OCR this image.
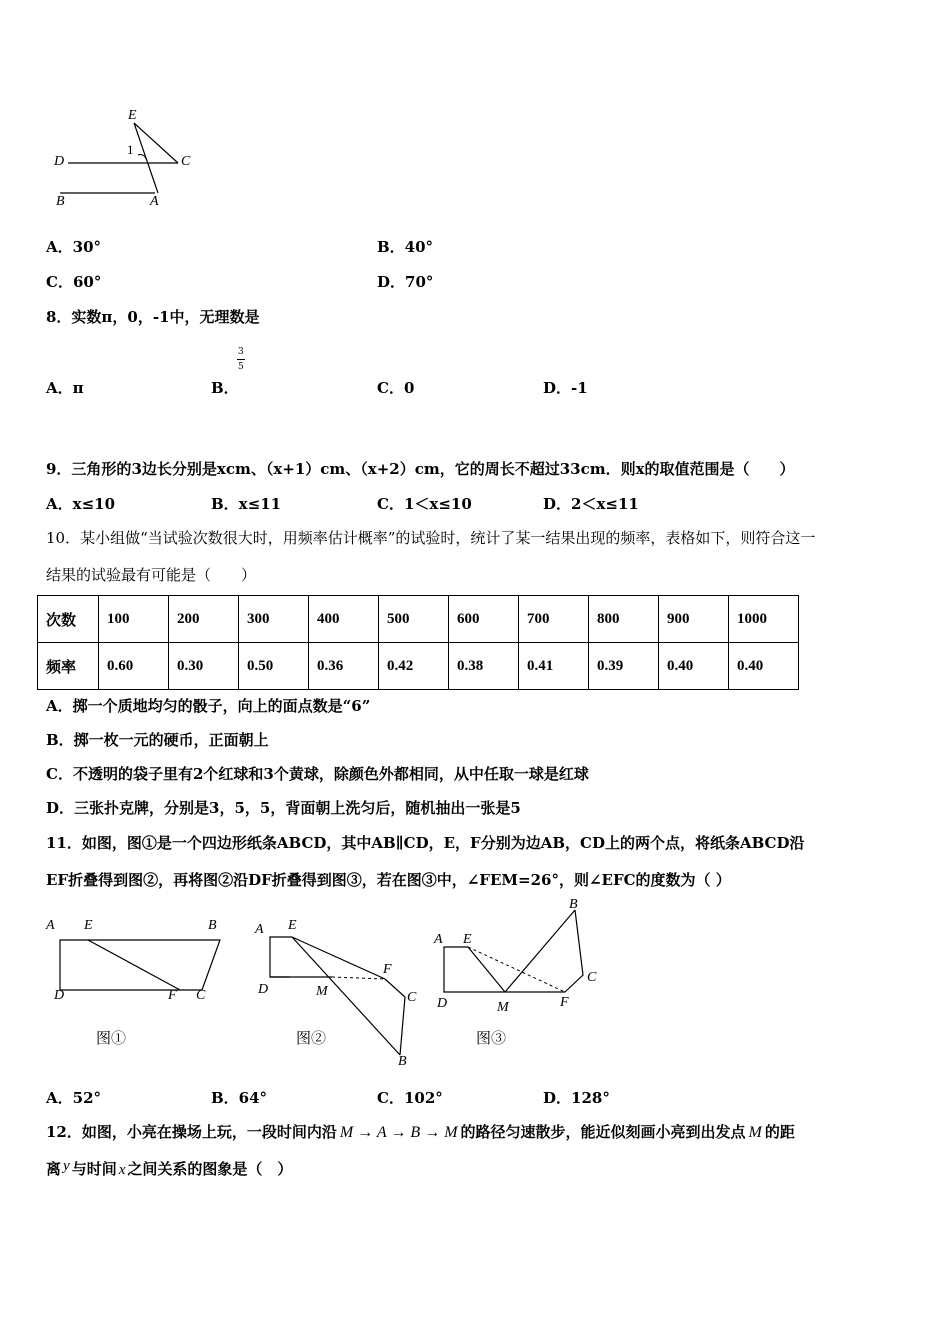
E
D	C
B	A
1
A．30°	B．40°
C．60°	D．70°
8．实数π，0，-1中，无理数是
3
5
A．π	B．	C．0	D．-1
9．三角形的3边长分别是xcm、（x+1）cm、（x+2）cm，它的周长不超过33cm．则x的取值范围是（　　）
A．x≤10	B．x≤11	C．1＜x≤10	D．2＜x≤11
10．某小组做“当试验次数很大时，用频率估计概率”的试验时，统计了某一结果出现的频率，表格如下，则符合这一
结果的试验最有可能是（　　）
次数	100	200	300	400	500	600	700	800	900	1000
频率	0.60	0.30	0.50	0.36	0.42	0.38	0.41	0.39	0.40	0.40
A．掷一个质地均匀的骰子，向上的面点数是“6”
B．掷一枚一元的硬币，正面朝上
C．不透明的袋子里有2个红球和3个黄球，除颜色外都相同，从中任取一球是红球
D．三张扑克牌，分别是3，5，5，背面朝上洗匀后，随机抽出一张是5
11．如图，图①是一个四边形纸条ABCD，其中AB∥CD，E，F分别为边AB，CD上的两个点，将纸条ABCD沿
EF折叠得到图②，再将图②沿DF折叠得到图③，若在图③中，∠FEM=26°，则∠EFC的度数为（ ）
A E	B
D	F C
图①
A E
D	M
F
C
B
图②
A E
B
C
D	M	F
图③
A．52°	B．64°	C．102°	D．128°
12．如图，小亮在操场上玩，一段时间内沿 M → A → B → M 的路径匀速散步，能近似刻画小亮到出发点 M 的距
离 y 与时间 x 之间关系的图象是（　）
